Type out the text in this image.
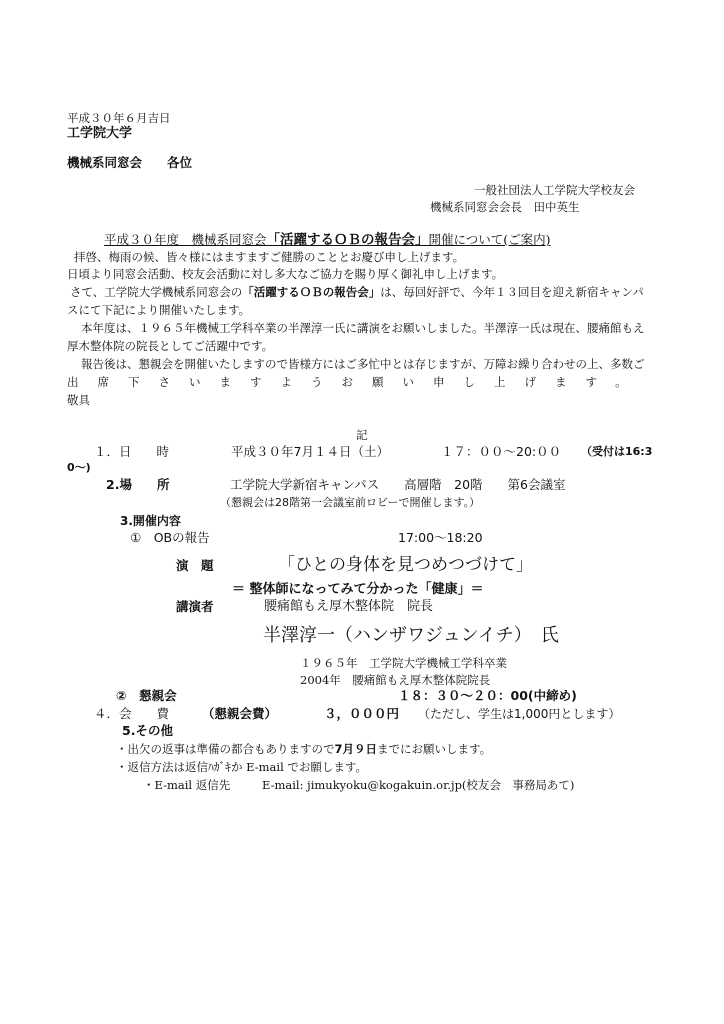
平成３０年６月吉日
工学院大学
機械系同窓会　　各位
一般社団法人工学院大学校友会
機械系同窓会会長　田中英生
平成３０年度　機械系同窓会「活躍するＯＢの報告会」開催について(ご案内)
拝啓、梅雨の候、皆々様にはますますご健勝のこととお慶び申し上げます。
日頃より同窓会活動、校友会活動に対し多大なご協力を賜り厚く御礼申し上げます。
さて、工学院大学機械系同窓会の「活躍するＯＢの報告会」は、毎回好評で、今年１３回目を迎え新宿キャンパ
スにて下記により開催いたします。
本年度は、１９６５年機械工学科卒業の半澤淳一氏に講演をお願いしました。半澤淳一氏は現在、腰痛館もえ
厚木整体院の院長としてご活躍中です。
報告後は、懇親会を開催いたしますので皆様方にはご多忙中とは存じますが、万障お繰り合わせの上、多数ご
出席下さいますようお願い申し上げます。
敬具
記
１．日　　時	平成３０年7月１４日（土）	１７：００～20:００ （受付は16:3
0～)
2.場　　所	工学院大学新宿キャンパス　　高層階　20階　　第6会議室
（懇親会は28階第一会議室前ロビーで開催します。）
3.開催内容
①　OBの報告	17:00～18:20
演　題	「ひとの身体を見つめつづけて」
＝ 整体師になってみて分かった「健康」＝
講演者	腰痛館もえ厚木整体院　院長
半澤淳一（ハンザワジュンイチ）　氏
１９６５年　工学院大学機械工学科卒業
2004年　腰痛館もえ厚木整体院院長
②　懇親会	１８：３０～２０：00(中締め)
４．会　　費	（懇親会費）	３，０００円 （ただし、学生は1,000円とします）
5.その他
・出欠の返事は準備の都合もありますので7月９日までにお願いします。
・返信方法は返信ﾊｶﾞｷか E-mail でお願します。
・E-mail 返信先	E-mail: jimukyoku@kogakuin.or.jp(校友会　事務局あて)
